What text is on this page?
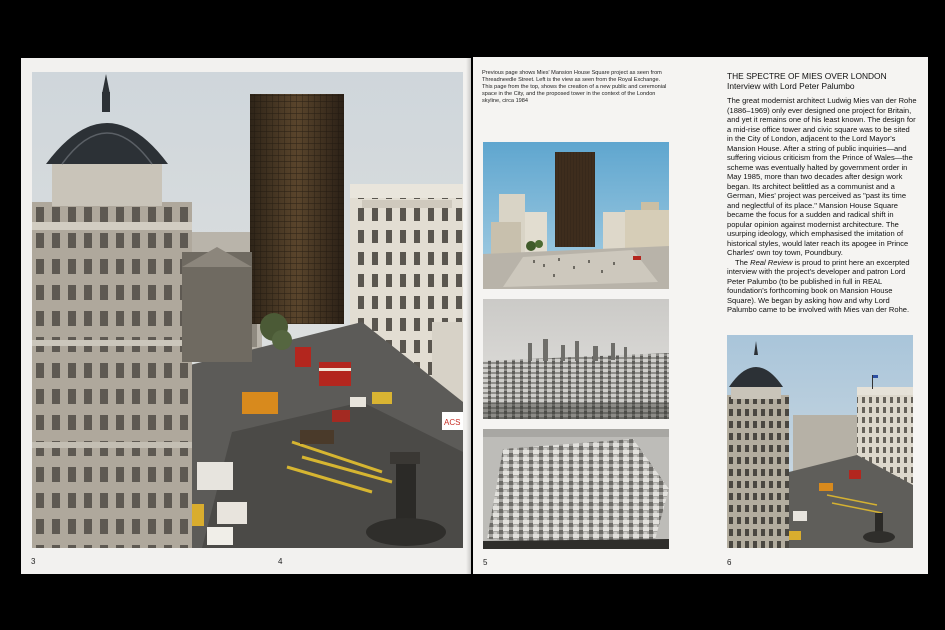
ACS
3	4	5	6
Previous page shows Mies' Mansion House Square project as seen from Threadneedle Street. Left is the view as seen from the Royal Exchange. This page from the top, shows the creation of a new public and ceremonial space in the City, and the proposed tower in the context of the London skyline, circa 1984
THE SPECTRE OF MIES OVER LONDON
Interview with Lord Peter Palumbo

The great modernist architect Ludwig Mies van der Rohe (1886–1969) only ever designed one project for Britain, and yet it remains one of his least known. The design for a mid-rise office tower and civic square was to be sited in the City of London, adjacent to the Lord Mayor's Mansion House. After a string of public inquiries—and suffering vicious criticism from the Prince of Wales—the scheme was eventually halted by government order in May 1985, more than two decades after design work began. Its architect belittled as a communist and a German, Mies' project was perceived as "past its time and neglectful of its place." Mansion House Square became the focus for a sudden and radical shift in popular opinion against modernist architecture. The usurping ideology, which emphasised the imitation of historical styles, would later reach its apogee in Prince Charles' own toy town, Poundbury.

The Real Review is proud to print here an excerpted interview with the project's developer and patron Lord Peter Palumbo (to be published in full in REAL foundation's forthcoming book on Mansion House Square). We began by asking how and why Lord Palumbo came to be involved with Mies van der Rohe.
